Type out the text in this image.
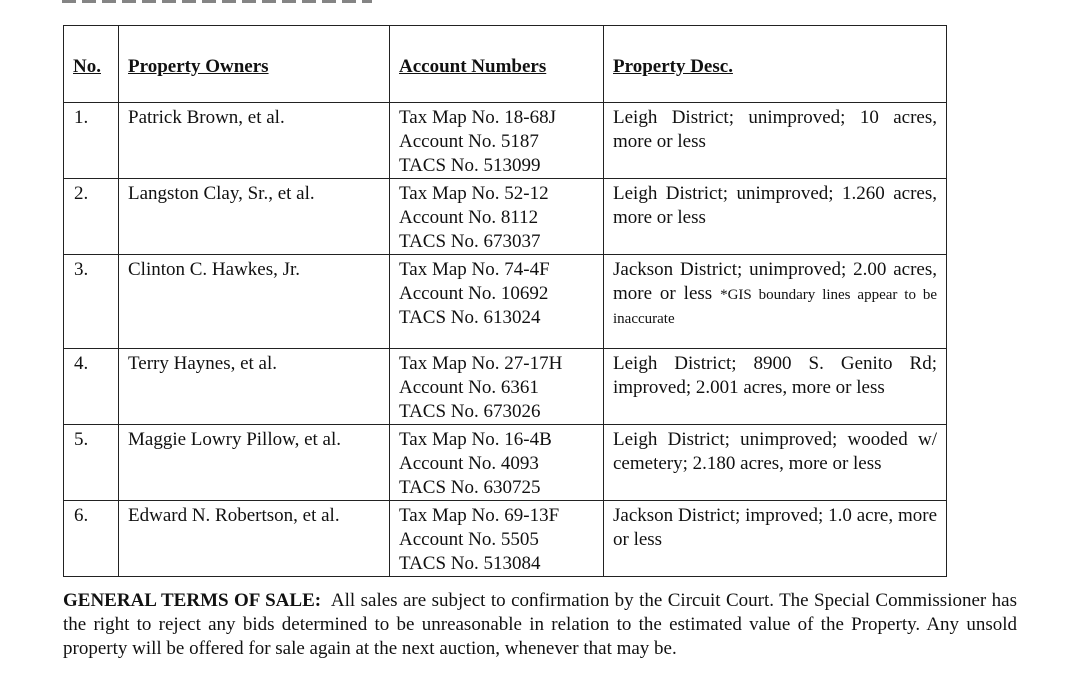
No.	Property Owners	Account Numbers	Property Desc.
1.	Patrick Brown, et al.	Tax Map No. 18-68J
Account No. 5187
TACS No. 513099	Leigh District; unimproved; 10 acres, more or less
2.	Langston Clay, Sr., et al.	Tax Map No. 52-12
Account No. 8112
TACS No. 673037	Leigh District; unimproved; 1.260 acres, more or less
3.	Clinton C. Hawkes, Jr.	Tax Map No. 74-4F
Account No. 10692
TACS No. 613024	Jackson District; unimproved; 2.00 acres, more or less *GIS boundary lines appear to be inaccurate
4.	Terry Haynes, et al.	Tax Map No. 27-17H
Account No. 6361
TACS No. 673026	Leigh District; 8900 S. Genito Rd; improved; 2.001 acres, more or less
5.	Maggie Lowry Pillow, et al.	Tax Map No. 16-4B
Account No. 4093
TACS No. 630725	Leigh District; unimproved; wooded w/ cemetery; 2.180 acres, more or less
6.	Edward N. Robertson, et al.	Tax Map No. 69-13F
Account No. 5505
TACS No. 513084	Jackson District; improved; 1.0 acre, more or less

GENERAL TERMS OF SALE: All sales are subject to confirmation by the Circuit Court. The Special Commissioner has the right to reject any bids determined to be unreasonable in relation to the estimated value of the Property. Any unsold property will be offered for sale again at the next auction, whenever that may be.
